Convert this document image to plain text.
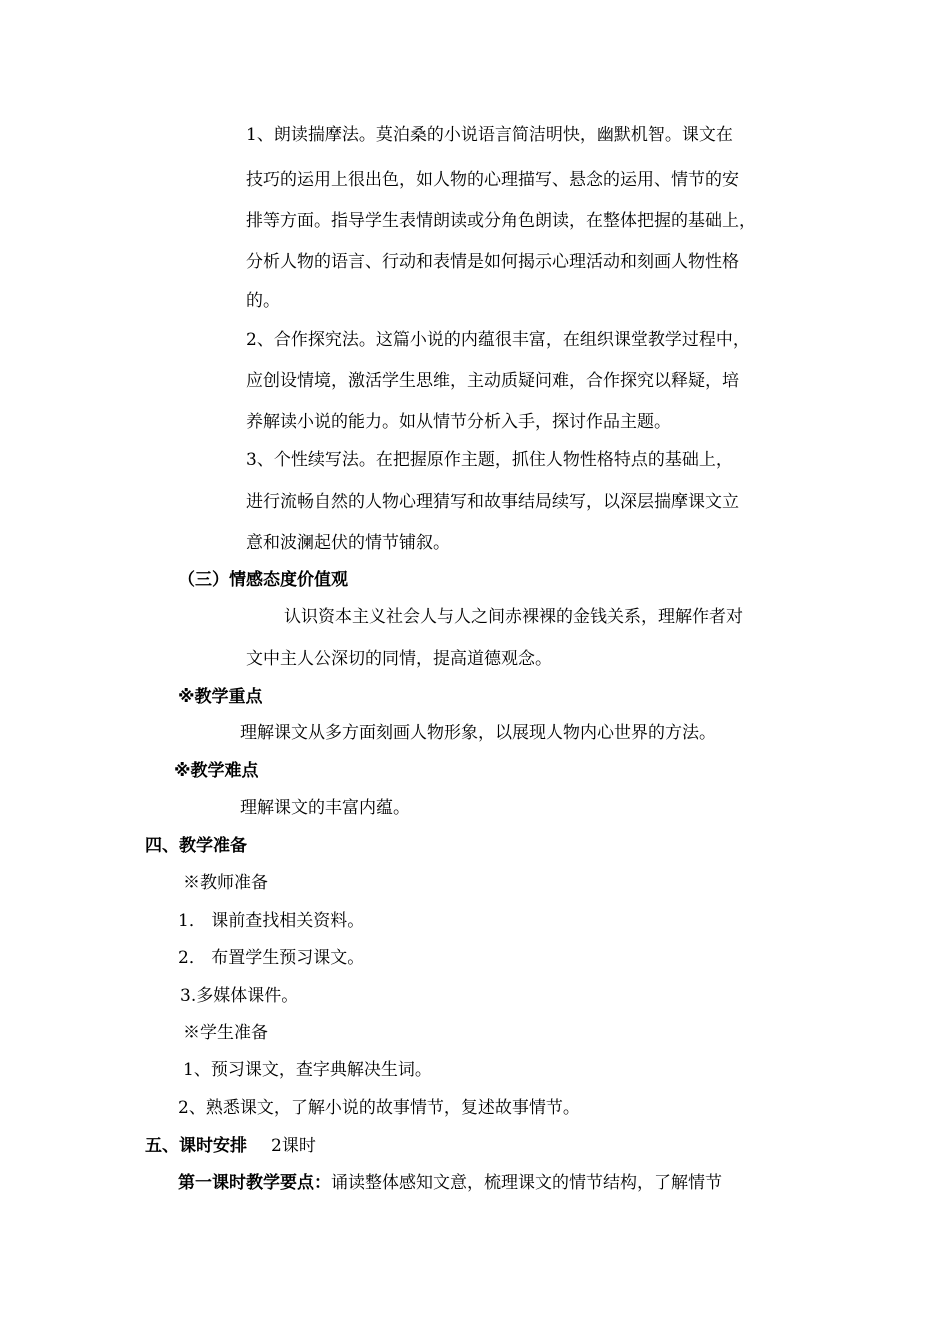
1、朗读揣摩法。莫泊桑的小说语言简洁明快，幽默机智。课文在
技巧的运用上很出色，如人物的心理描写、悬念的运用、情节的安
排等方面。指导学生表情朗读或分角色朗读，在整体把握的基础上，
分析人物的语言、行动和表情是如何揭示心理活动和刻画人物性格
的。
2、合作探究法。这篇小说的内蕴很丰富，在组织课堂教学过程中，
应创设情境，激活学生思维，主动质疑问难，合作探究以释疑，培
养解读小说的能力。如从情节分析入手，探讨作品主题。
3、个性续写法。在把握原作主题，抓住人物性格特点的基础上，
进行流畅自然的人物心理猜写和故事结局续写，以深层揣摩课文立
意和波澜起伏的情节铺叙。
（三）情感态度价值观
认识资本主义社会人与人之间赤裸裸的金钱关系，理解作者对
文中主人公深切的同情，提高道德观念。
※教学重点
理解课文从多方面刻画人物形象，以展现人物内心世界的方法。
※教学难点
理解课文的丰富内蕴。
四、教学准备
※教师准备
1． 课前查找相关资料。
2． 布置学生预习课文。
3.多媒体课件。
※学生准备
1、预习课文，查字典解决生词。
2、熟悉课文，了解小说的故事情节，复述故事情节。
五、课时安排 2课时
第一课时教学要点：诵读整体感知文意，梳理课文的情节结构，了解情节
